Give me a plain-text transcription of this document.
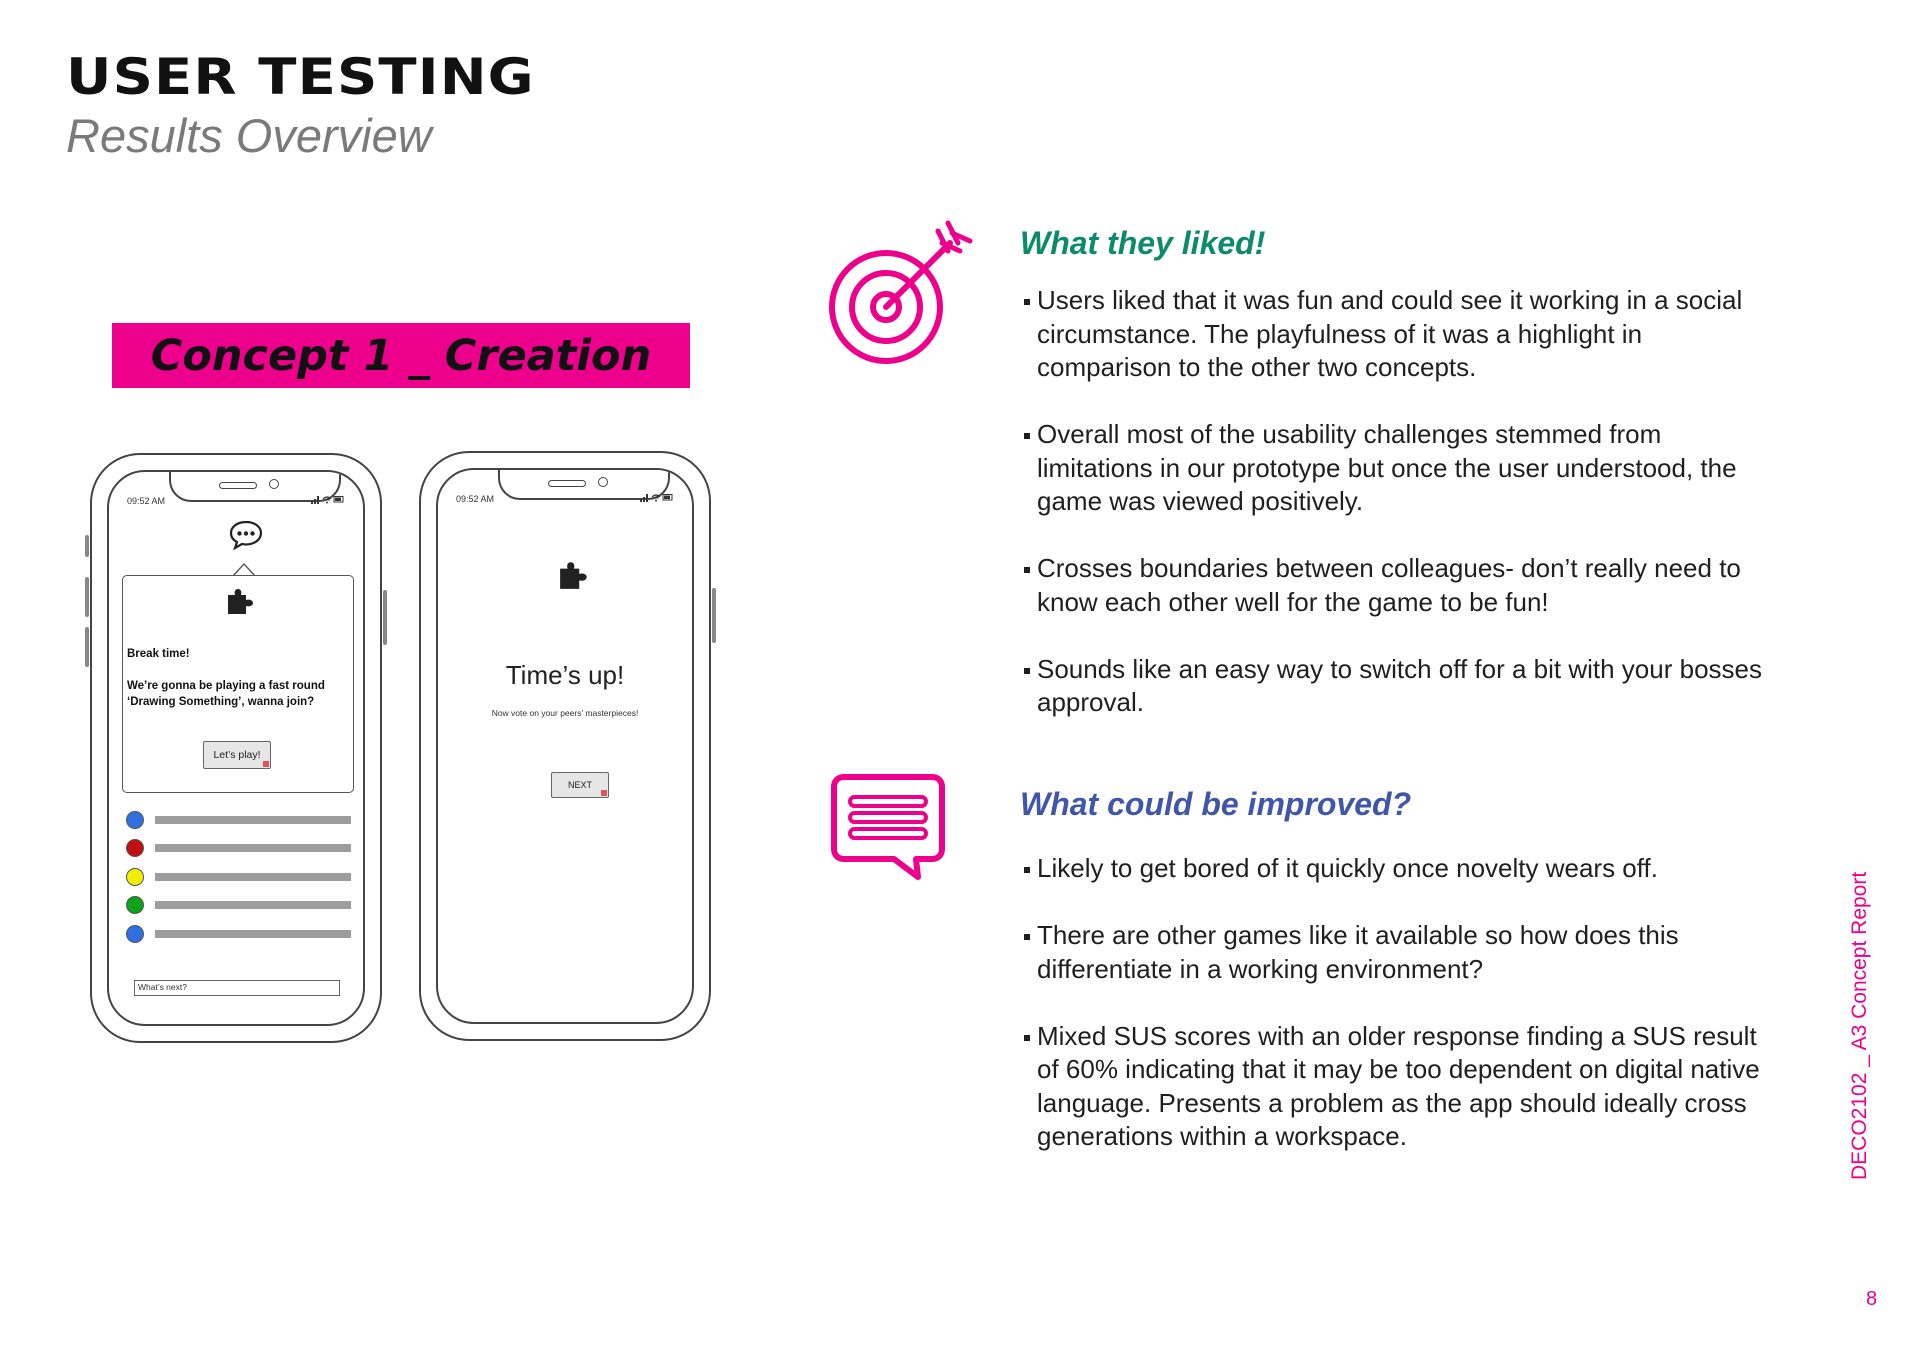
USER TESTING
Results Overview
Concept 1 _ Creation
09:52 AM

Break time!

We’re gonna be playing a fast round ‘Drawing Something’, wanna join?

Let’s play!
What’s next?
09:52 AM
Time’s up!
Now vote on your peers’ masterpieces!
NEXT
What they liked!
Users liked that it was fun and could see it working in a social circumstance. The playfulness of it was a highlight in comparison to the other two concepts.
Overall most of the usability challenges stemmed from limitations in our prototype but once the user understood, the game was viewed positively.
Crosses boundaries between colleagues- don’t really need to know each other well for the game to be fun!
Sounds like an easy way to switch off for a bit with your bosses approval.
What could be improved?
Likely to get bored of it quickly once novelty wears off.
There are other games like it available so how does this differentiate in a working environment?
Mixed SUS scores with an older response finding a SUS result of 60% indicating that it may be too dependent on digital native language. Presents a problem as the app should ideally cross generations within a workspace.	DECO2102 _ A3 Concept Report

8
